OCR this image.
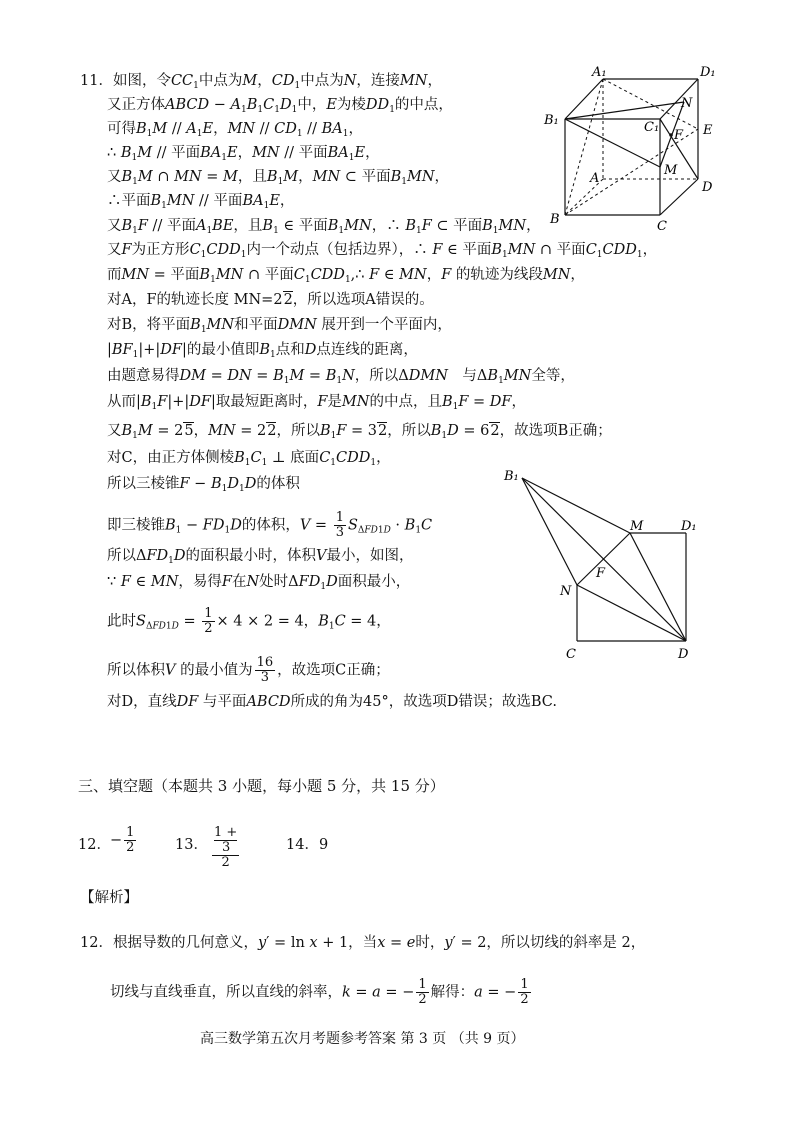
11．如图，令$CC_1$中点为M，$CD_1$中点为N，连接MN，
又正方体ABCD − $A_1B_1C_1D_1$中，E为棱$DD_1$的中点，
可得$B_1M // A_1E$，MN // $CD_1 // BA_1$，
∴ $B_1M$ // 平面$BA_1E$，MN // 平面$BA_1E$，
又$B_1M$ ∩ MN = M，且$B_1M$，MN ⊂ 平面$B_1MN$，
∴平面$B_1MN$ // 平面$BA_1E$，
又$B_1F$ // 平面$A_1BE$，且$B_1$ ∈ 平面$B_1MN$，∴ $B_1F$ ⊂ 平面$B_1MN$，
又F为正方形$C_1CDD_1$内一个动点（包括边界），∴ F ∈ 平面$B_1MN$ ∩ 平面$C_1CDD_1$，
而MN = 平面$B_1MN$ ∩ 平面$C_1CDD_1,\therefore$ F ∈ MN，F 的轨迹为线段MN，
对A，F的轨迹长度 MN=22，所以选项A错误的。
对B，将平面$B_1MN$和平面DMN 展开到一个平面内，
$|BF_1|+|DF|$的最小值即$B_1$点和D点连线的距离，
由题意易得DM = DN = $B_1M = B_1N$，所以ΔDMN　与$\Delta B_1MN$全等，
从而$|B_1F|+|DF|$取最短距离时，F是MN的中点，且$B_1F$ = DF，
又$B_1M = 25$，MN = 22，所以$B_1F = 32$，所以$B_1D = 62$，故选项B正确；
对C，由正方体侧棱$B_1C_1$ ⊥ 底面$C_1CDD_1$，
所以三棱锥$F - B_1D_1D$的体积
即三棱锥$B_1 - FD_1D$的体积，$V = \frac{1}{3} S_{\Delta FD1D} \cdot B_1C$
所以$\Delta FD_1D$的面积最小时，体积V最小，如图，
∵ F ∈ MN，易得F在N处时$\Delta FD_1D$面积最小，
此时$S_{\Delta FD1D} = \frac{1}{2} \times 4 \times 2 = 4$，$B_1C = 4$，
所以体积V 的最小值为 $\frac{16}{3}$ ，故选项C正确；
对D，直线DF 与平面ABCD所成的角为45°，故选项D错误；故选BC.
A₁	D₁
B₁	C₁
N
F E
A
M
D
B	C
B₁
M	D₁
F
N
C	D
三、填空题（本题共 3 小题，每小题 5 分，共 15 分）
12． − $\frac{1}{2}$	13． 1 +
3
2	14．9
【解析】
12．根据导数的几何意义，y′ = ln x + 1，当x = e时，y′ = 2，所以切线的斜率是 2，
切线与直线垂直，所以直线的斜率，k = a = − $\frac{1}{2}$ 解得：a = − $\frac{1}{2}$
高三数学第五次月考题参考答案 第 3 页 （共 9 页）
